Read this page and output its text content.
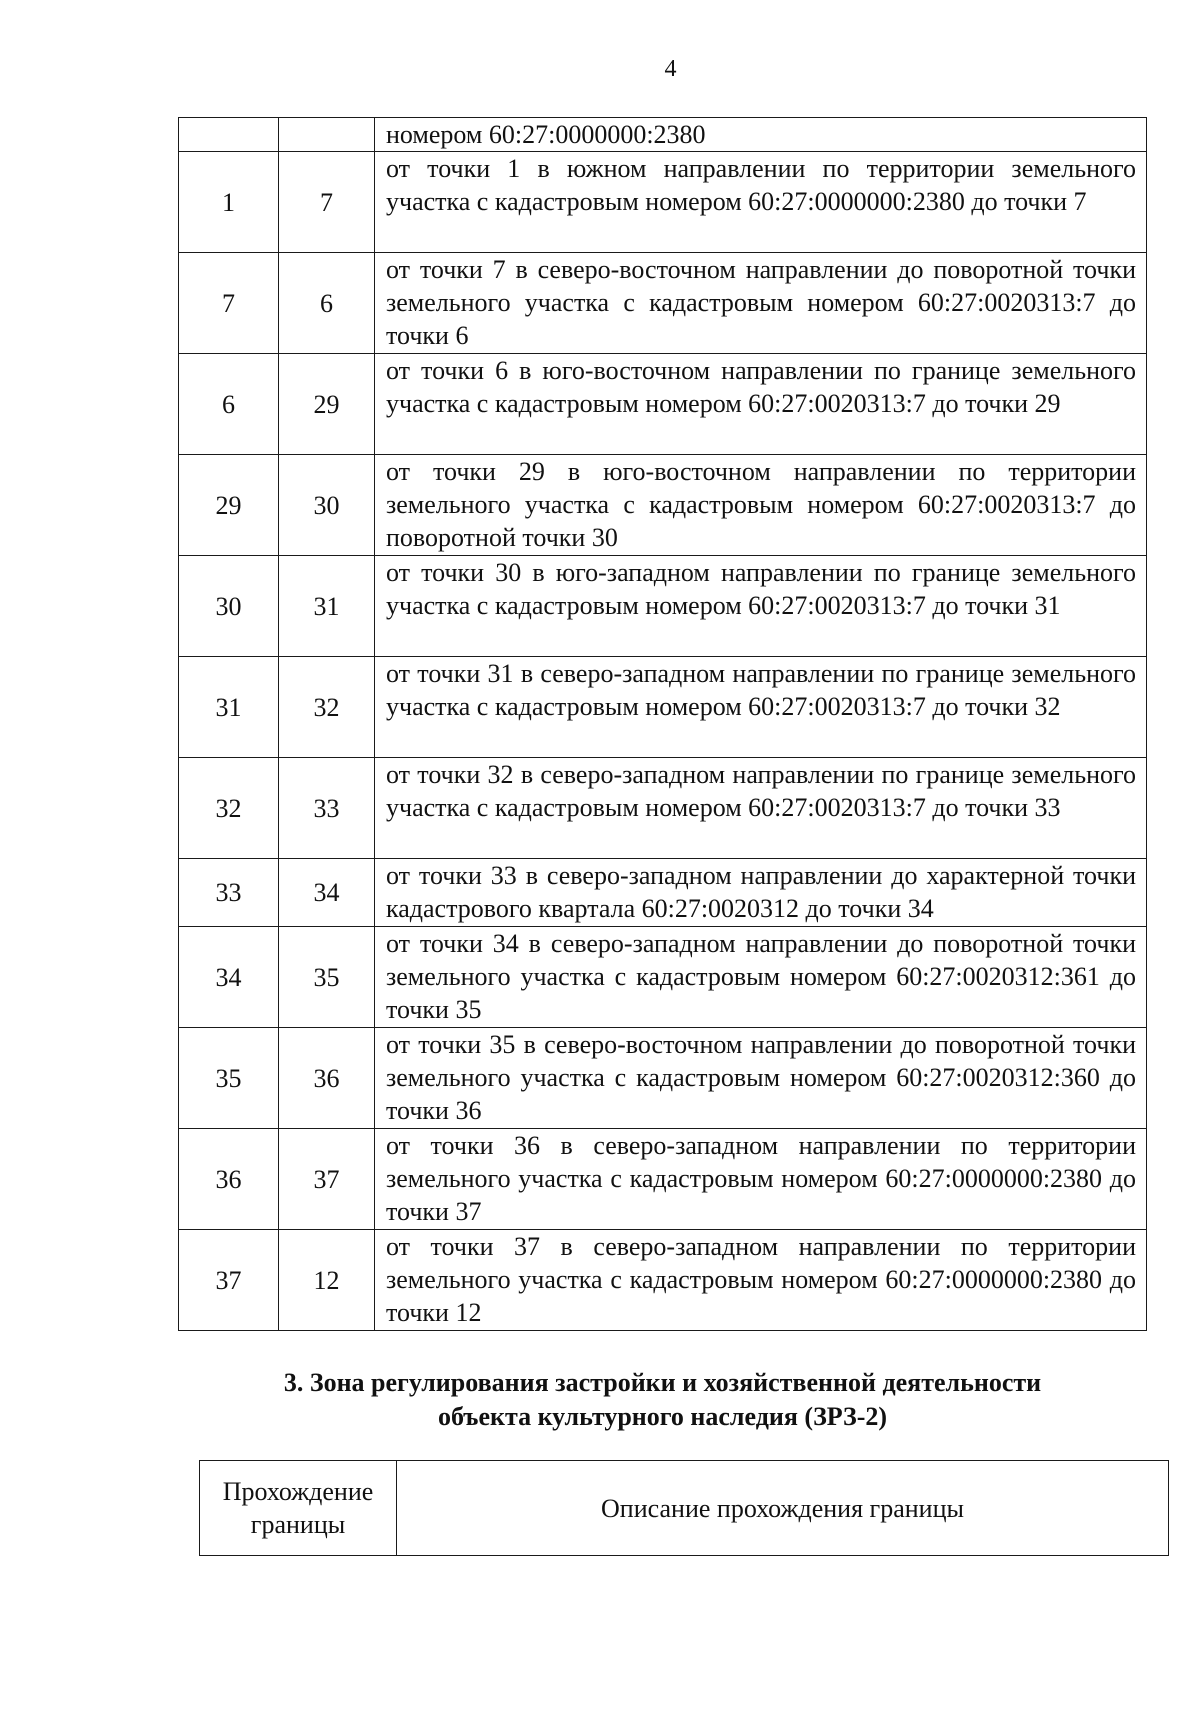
4
		номером 60:27:0000000:2380
1	7	от точки 1 в южном направлении по территории земельного участка с кадастровым номером 60:27:0000000:2380 до точки 7
7	6	от точки 7 в северо-восточном направлении до поворотной точки земельного участка с кадастровым номером 60:27:0020313:7 до точки 6
6	29	от точки 6 в юго-восточном направлении по границе земельного участка с кадастровым номером 60:27:0020313:7 до точки 29
29	30	от точки 29 в юго-восточном направлении по территории земельного участка с кадастровым номером 60:27:0020313:7 до поворотной точки 30
30	31	от точки 30 в юго-западном направлении по границе земельного участка с кадастровым номером 60:27:0020313:7 до точки 31
31	32	от точки 31 в северо-западном направлении по границе земельного участка с кадастровым номером 60:27:0020313:7 до точки 32
32	33	от точки 32 в северо-западном направлении по границе земельного участка с кадастровым номером 60:27:0020313:7 до точки 33
33	34	от точки 33 в северо-западном направлении до характерной точки кадастрового квартала 60:27:0020312 до точки 34
34	35	от точки 34 в северо-западном направлении до поворотной точки земельного участка с кадастровым номером 60:27:0020312:361 до точки 35
35	36	от точки 35 в северо-восточном направлении до поворотной точки земельного участка с кадастровым номером 60:27:0020312:360 до точки 36
36	37	от точки 36 в северо-западном направлении по территории земельного участка с кадастровым номером 60:27:0000000:2380 до точки 37
37	12	от точки 37 в северо-западном направлении по территории земельного участка с кадастровым номером 60:27:0000000:2380 до точки 12
3. Зона регулирования застройки и хозяйственной деятельности
объекта культурного наследия (ЗРЗ-2)
Прохождение границы	Описание прохождения границы
